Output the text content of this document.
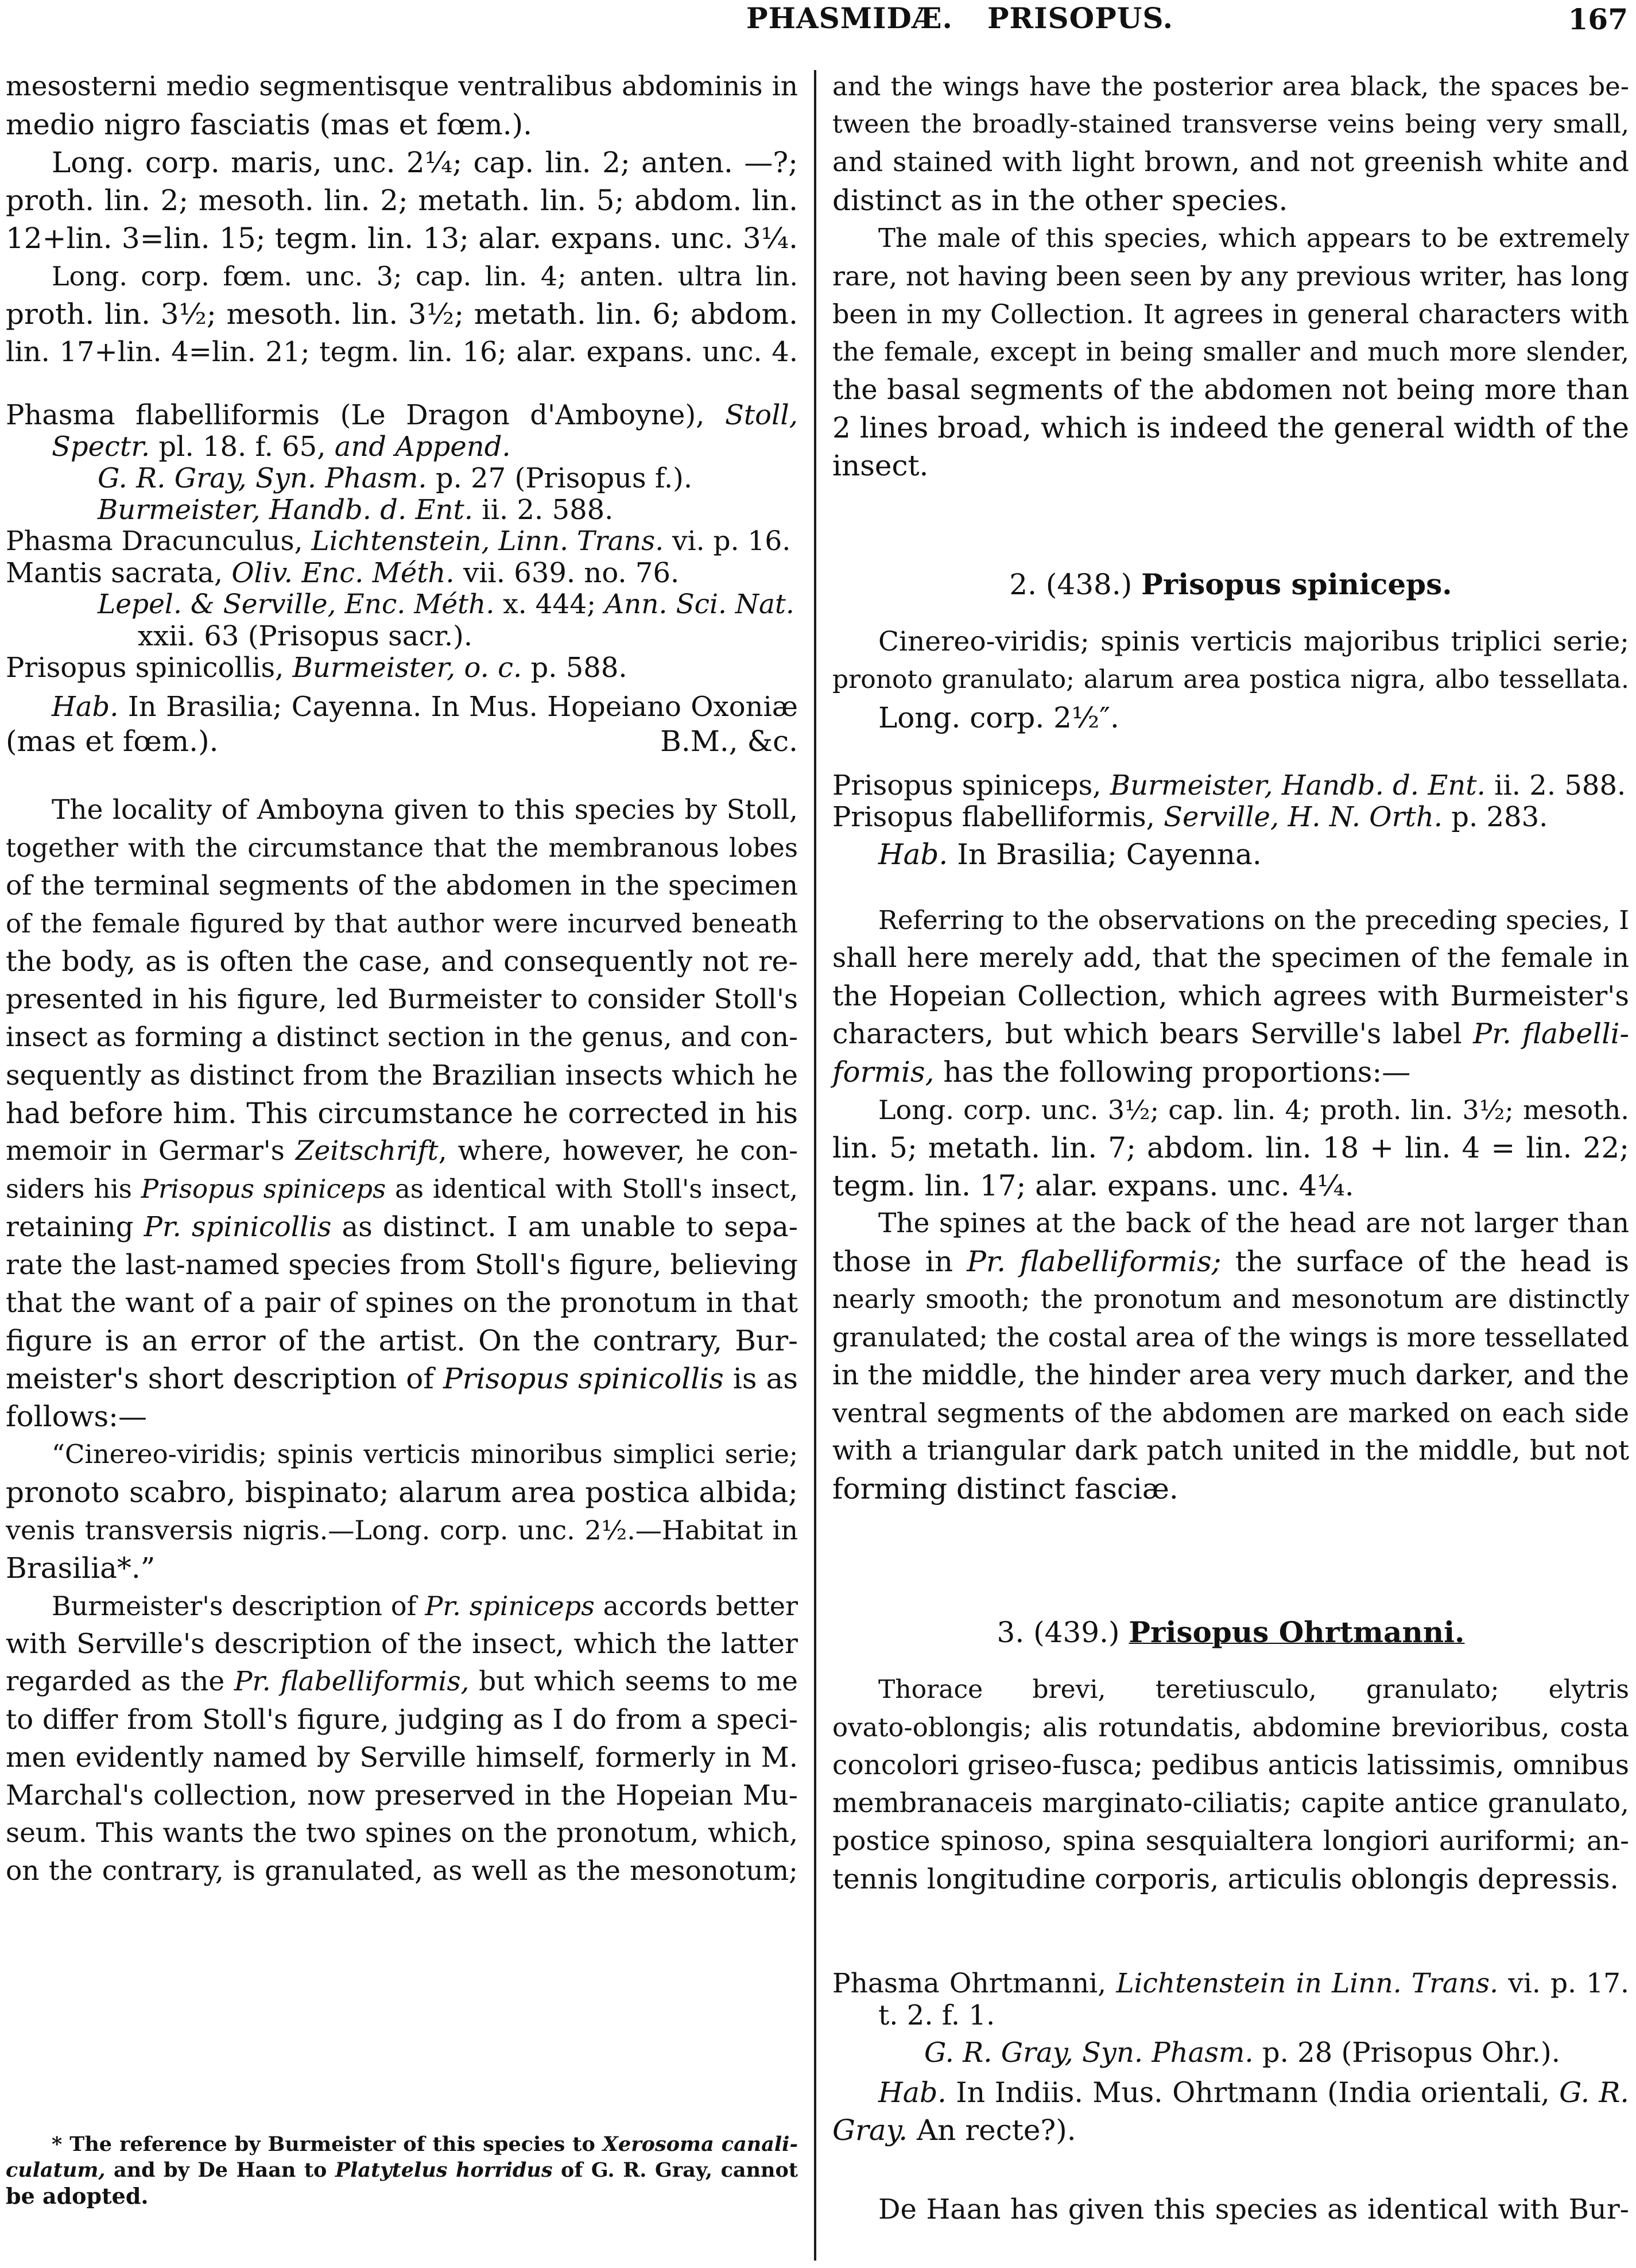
PHASMIDÆ. PRISOPUS.	167
mesosterni medio segmentisque ventralibus abdominis in
medio nigro fasciatis (mas et fœm.).
Long. corp. maris, unc. 2¼; cap. lin. 2; anten. —?;
proth. lin. 2; mesoth. lin. 2; metath. lin. 5; abdom. lin.
12+lin. 3=lin. 15; tegm. lin. 13; alar. expans. unc. 3¼.
Long. corp. fœm. unc. 3; cap. lin. 4; anten. ultra lin.
proth. lin. 3½; mesoth. lin. 3½; metath. lin. 6; abdom.
lin. 17+lin. 4=lin. 21; tegm. lin. 16; alar. expans. unc. 4.
Phasma flabelliformis (Le Dragon d'Amboyne), Stoll,
Spectr. pl. 18. f. 65, and Append.
G. R. Gray, Syn. Phasm. p. 27 (Prisopus f.).
Burmeister, Handb. d. Ent. ii. 2. 588.
Phasma Dracunculus, Lichtenstein, Linn. Trans. vi. p. 16.
Mantis sacrata, Oliv. Enc. Méth. vii. 639. no. 76.
Lepel. & Serville, Enc. Méth. x. 444; Ann. Sci. Nat.
xxii. 63 (Prisopus sacr.).
Prisopus spinicollis, Burmeister, o. c. p. 588.
Hab. In Brasilia; Cayenna. In Mus. Hopeiano Oxoniæ
(mas et fœm.).	B.M., &c.
The locality of Amboyna given to this species by Stoll,
together with the circumstance that the membranous lobes
of the terminal segments of the abdomen in the specimen
of the female figured by that author were incurved beneath
the body, as is often the case, and consequently not re-
presented in his figure, led Burmeister to consider Stoll's
insect as forming a distinct section in the genus, and con-
sequently as distinct from the Brazilian insects which he
had before him. This circumstance he corrected in his
memoir in Germar's Zeitschrift, where, however, he con-
siders his Prisopus spiniceps as identical with Stoll's insect,
retaining Pr. spinicollis as distinct. I am unable to sepa-
rate the last-named species from Stoll's figure, believing
that the want of a pair of spines on the pronotum in that
figure is an error of the artist. On the contrary, Bur-
meister's short description of Prisopus spinicollis is as
follows:—
“Cinereo-viridis; spinis verticis minoribus simplici serie;
pronoto scabro, bispinato; alarum area postica albida;
venis transversis nigris.—Long. corp. unc. 2½.—Habitat in
Brasilia*.”
Burmeister's description of Pr. spiniceps accords better
with Serville's description of the insect, which the latter
regarded as the Pr. flabelliformis, but which seems to me
to differ from Stoll's figure, judging as I do from a speci-
men evidently named by Serville himself, formerly in M.
Marchal's collection, now preserved in the Hopeian Mu-
seum. This wants the two spines on the pronotum, which,
on the contrary, is granulated, as well as the mesonotum;
* The reference by Burmeister of this species to Xerosoma canali-
culatum, and by De Haan to Platytelus horridus of G. R. Gray, cannot
be adopted.
and the wings have the posterior area black, the spaces be-
tween the broadly-stained transverse veins being very small,
and stained with light brown, and not greenish white and
distinct as in the other species.
The male of this species, which appears to be extremely
rare, not having been seen by any previous writer, has long
been in my Collection. It agrees in general characters with
the female, except in being smaller and much more slender,
the basal segments of the abdomen not being more than
2 lines broad, which is indeed the general width of the
insect.
2. (438.) Prisopus spiniceps.
Cinereo-viridis; spinis verticis majoribus triplici serie;
pronoto granulato; alarum area postica nigra, albo tessellata.
Long. corp. 2½″.
Prisopus spiniceps, Burmeister, Handb. d. Ent. ii. 2. 588.
Prisopus flabelliformis, Serville, H. N. Orth. p. 283.
Hab. In Brasilia; Cayenna.
Referring to the observations on the preceding species, I
shall here merely add, that the specimen of the female in
the Hopeian Collection, which agrees with Burmeister's
characters, but which bears Serville's label Pr. flabelli-
formis, has the following proportions:—
Long. corp. unc. 3½; cap. lin. 4; proth. lin. 3½; mesoth.
lin. 5; metath. lin. 7; abdom. lin. 18 + lin. 4 = lin. 22;
tegm. lin. 17; alar. expans. unc. 4¼.
The spines at the back of the head are not larger than
those in Pr. flabelliformis; the surface of the head is
nearly smooth; the pronotum and mesonotum are distinctly
granulated; the costal area of the wings is more tessellated
in the middle, the hinder area very much darker, and the
ventral segments of the abdomen are marked on each side
with a triangular dark patch united in the middle, but not
forming distinct fasciæ.
3. (439.) Prisopus Ohrtmanni.
Thorace brevi, teretiusculo, granulato; elytris
ovato-oblongis; alis rotundatis, abdomine brevioribus, costa
concolori griseo-fusca; pedibus anticis latissimis, omnibus
membranaceis marginato-ciliatis; capite antice granulato,
postice spinoso, spina sesquialtera longiori auriformi; an-
tennis longitudine corporis, articulis oblongis depressis.
Phasma Ohrtmanni, Lichtenstein in Linn. Trans. vi. p. 17.
t. 2. f. 1.
G. R. Gray, Syn. Phasm. p. 28 (Prisopus Ohr.).
Hab. In Indiis. Mus. Ohrtmann (India orientali, G. R.
Gray. An recte?).
De Haan has given this species as identical with Bur-
